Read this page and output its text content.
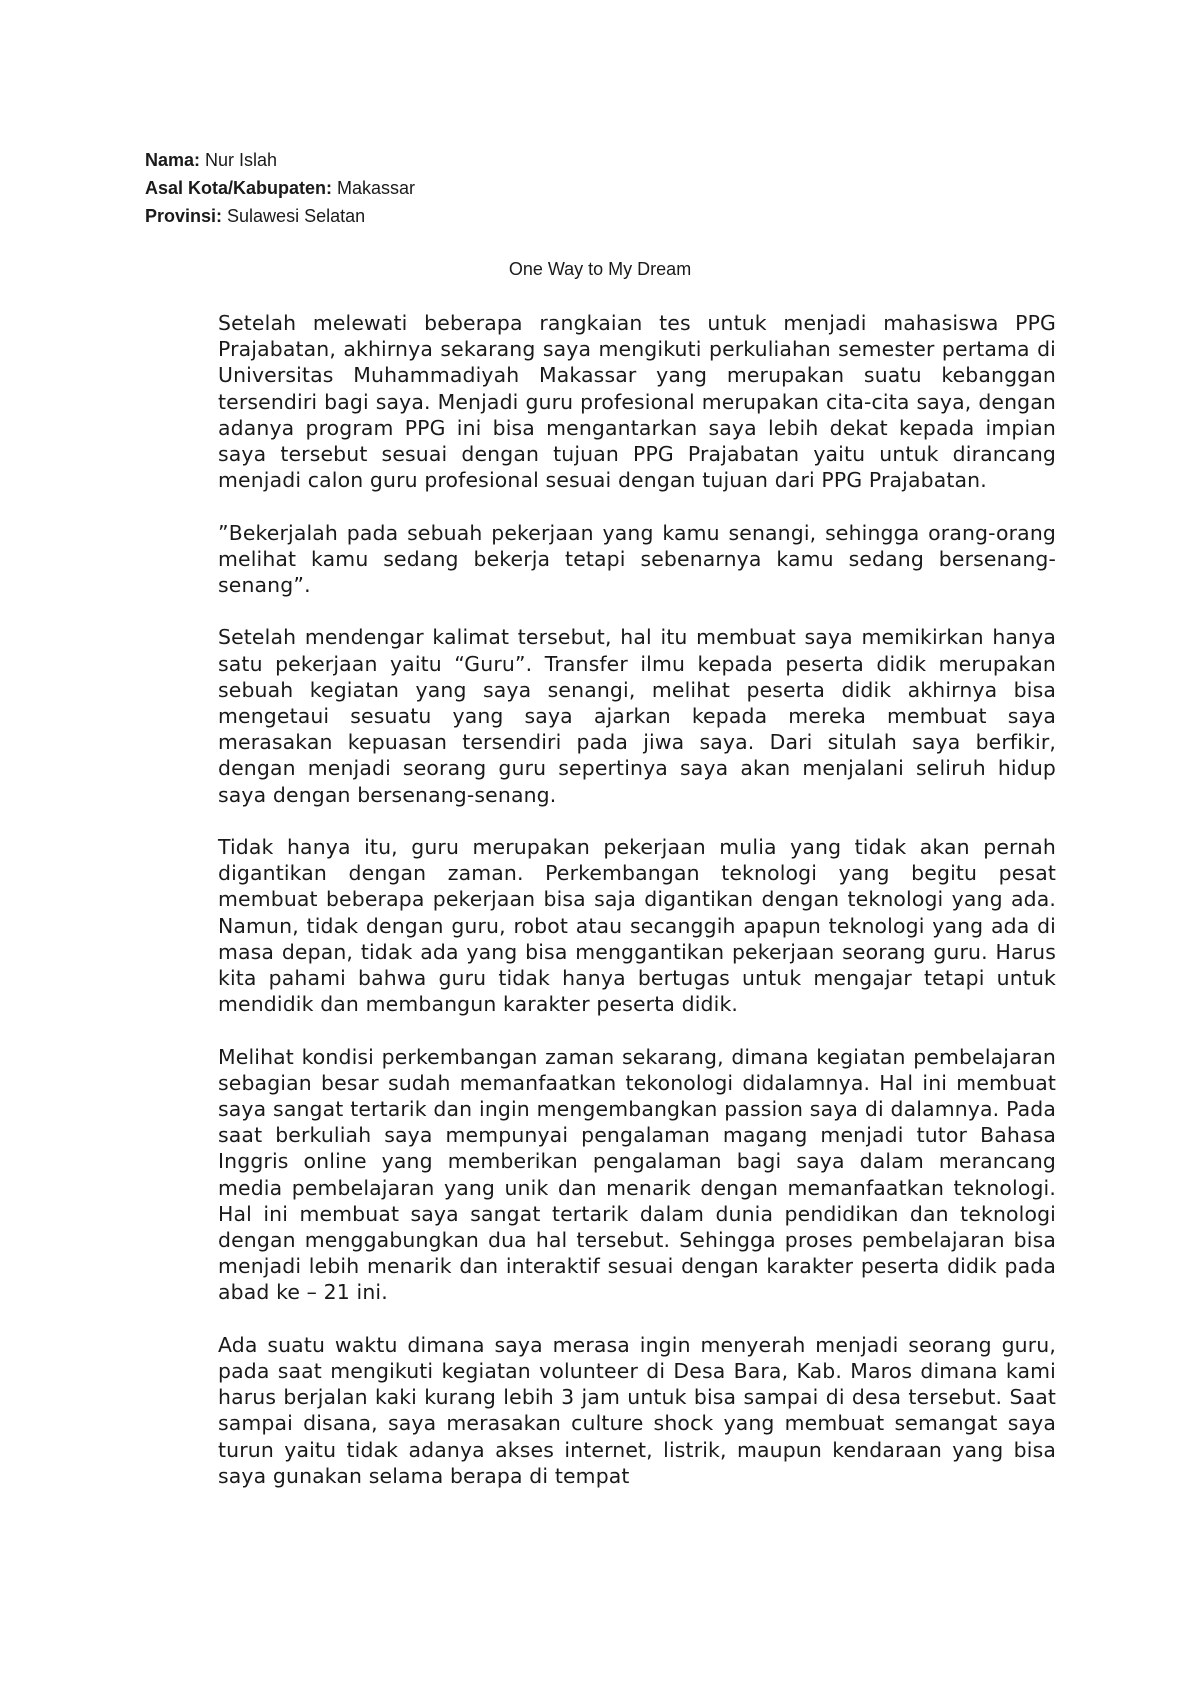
Nama: Nur Islah
Asal Kota/Kabupaten: Makassar
Provinsi: Sulawesi Selatan
One Way to My Dream

Setelah melewati beberapa rangkaian tes untuk menjadi mahasiswa PPG Prajabatan, akhirnya sekarang saya mengikuti perkuliahan semester pertama di Universitas Muhammadiyah Makassar yang merupakan suatu kebanggan tersendiri bagi saya. Menjadi guru profesional merupakan cita-cita saya, dengan adanya program PPG ini bisa mengantarkan saya lebih dekat kepada impian saya tersebut sesuai dengan tujuan PPG Prajabatan yaitu untuk dirancang menjadi calon guru profesional sesuai dengan tujuan dari PPG Prajabatan.

”Bekerjalah pada sebuah pekerjaan yang kamu senangi, sehingga orang-orang melihat kamu sedang bekerja tetapi sebenarnya kamu sedang bersenang-senang”.

Setelah mendengar kalimat tersebut, hal itu membuat saya memikirkan hanya satu pekerjaan yaitu “Guru”. Transfer ilmu kepada peserta didik merupakan sebuah kegiatan yang saya senangi, melihat peserta didik akhirnya bisa mengetaui sesuatu yang saya ajarkan kepada mereka membuat saya merasakan kepuasan tersendiri pada jiwa saya. Dari situlah saya berfikir, dengan menjadi seorang guru sepertinya saya akan menjalani seliruh hidup saya dengan bersenang-senang.

Tidak hanya itu, guru merupakan pekerjaan mulia yang tidak akan pernah digantikan dengan zaman. Perkembangan teknologi yang begitu pesat membuat beberapa pekerjaan bisa saja digantikan dengan teknologi yang ada. Namun, tidak dengan guru, robot atau secanggih apapun teknologi yang ada di masa depan, tidak ada yang bisa menggantikan pekerjaan seorang guru. Harus kita pahami bahwa guru tidak hanya bertugas untuk mengajar tetapi untuk mendidik dan membangun karakter peserta didik.

Melihat kondisi perkembangan zaman sekarang, dimana kegiatan pembelajaran sebagian besar sudah memanfaatkan tekonologi didalamnya. Hal ini membuat saya sangat tertarik dan ingin mengembangkan passion saya di dalamnya. Pada saat berkuliah saya mempunyai pengalaman magang menjadi tutor Bahasa Inggris online yang memberikan pengalaman bagi saya dalam merancang media pembelajaran yang unik dan menarik dengan memanfaatkan teknologi. Hal ini membuat saya sangat tertarik dalam dunia pendidikan dan teknologi dengan menggabungkan dua hal tersebut. Sehingga proses pembelajaran bisa menjadi lebih menarik dan interaktif sesuai dengan karakter peserta didik pada abad ke – 21 ini.

Ada suatu waktu dimana saya merasa ingin menyerah menjadi seorang guru, pada saat mengikuti kegiatan volunteer di Desa Bara, Kab. Maros dimana kami harus berjalan kaki kurang lebih 3 jam untuk bisa sampai di desa tersebut. Saat sampai disana, saya merasakan culture shock yang membuat semangat saya turun yaitu tidak adanya akses internet, listrik, maupun kendaraan yang bisa saya gunakan selama berapa di tempat
